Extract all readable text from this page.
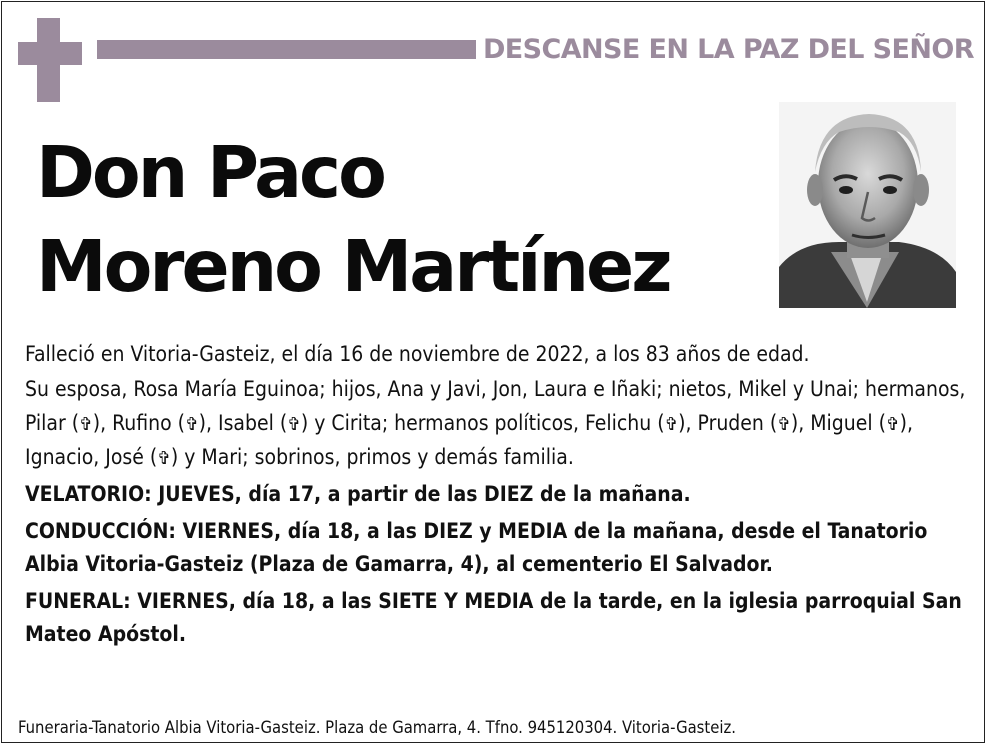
DESCANSE EN LA PAZ DEL SEÑOR
Don Paco
Moreno Martínez

Falleció en Vitoria-Gasteiz, el día 16 de noviembre de 2022, a los 83 años de edad.

Su esposa, Rosa María Eguinoa; hijos, Ana y Javi, Jon, Laura e Iñaki; nietos, Mikel y Unai; hermanos, Pilar (✞), Rufino (✞), Isabel (✞) y Cirita; hermanos políticos, Felichu (✞), Pruden (✞), Miguel (✞), Ignacio, José (✞) y Mari; sobrinos, primos y demás familia.

VELATORIO: JUEVES, día 17, a partir de las DIEZ de la mañana.

CONDUCCIÓN: VIERNES, día 18, a las DIEZ y MEDIA de la mañana, desde el Tanatorio Albia Vitoria-Gasteiz (Plaza de Gamarra, 4), al cementerio El Salvador.

FUNERAL: VIERNES, día 18, a las SIETE Y MEDIA de la tarde, en la iglesia parroquial San Mateo Apóstol.

Funeraria-Tanatorio Albia Vitoria-Gasteiz. Plaza de Gamarra, 4. Tfno. 945120304. Vitoria-Gasteiz.
